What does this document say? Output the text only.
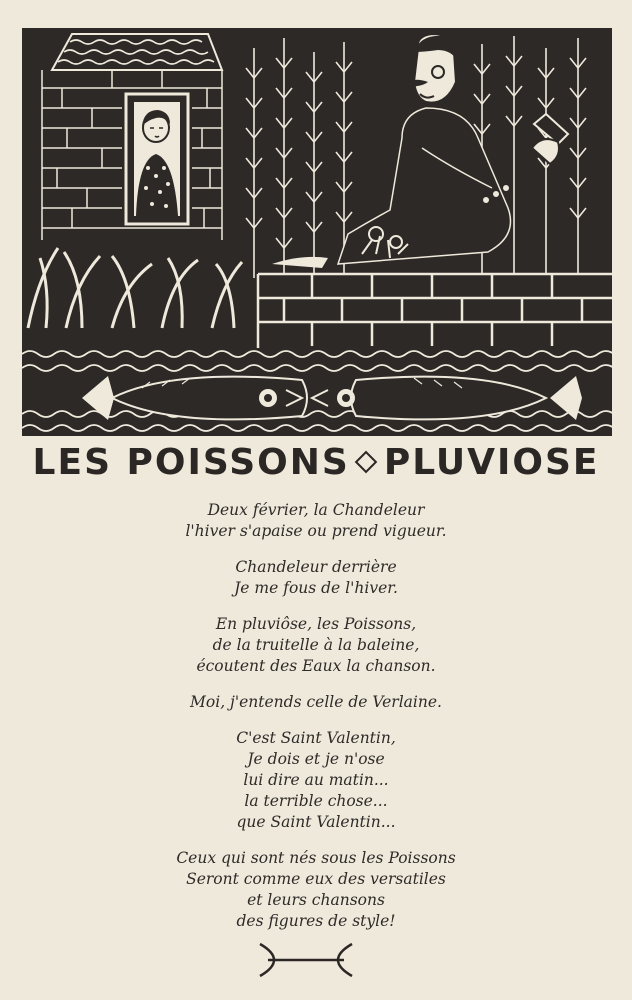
LES POISSONS PLUVIOSE
Deux février, la Chandeleur
l'hiver s'apaise ou prend vigueur.
Chandeleur derrière
Je me fous de l'hiver.
En pluviôse, les Poissons,
de la truitelle à la baleine,
écoutent des Eaux la chanson.
Moi, j'entends celle de Verlaine.
C'est Saint Valentin,
Je dois et je n'ose
lui dire au matin...
la terrible chose...
que Saint Valentin...
Ceux qui sont nés sous les Poissons
Seront comme eux des versatiles
et leurs chansons
des figures de style!
